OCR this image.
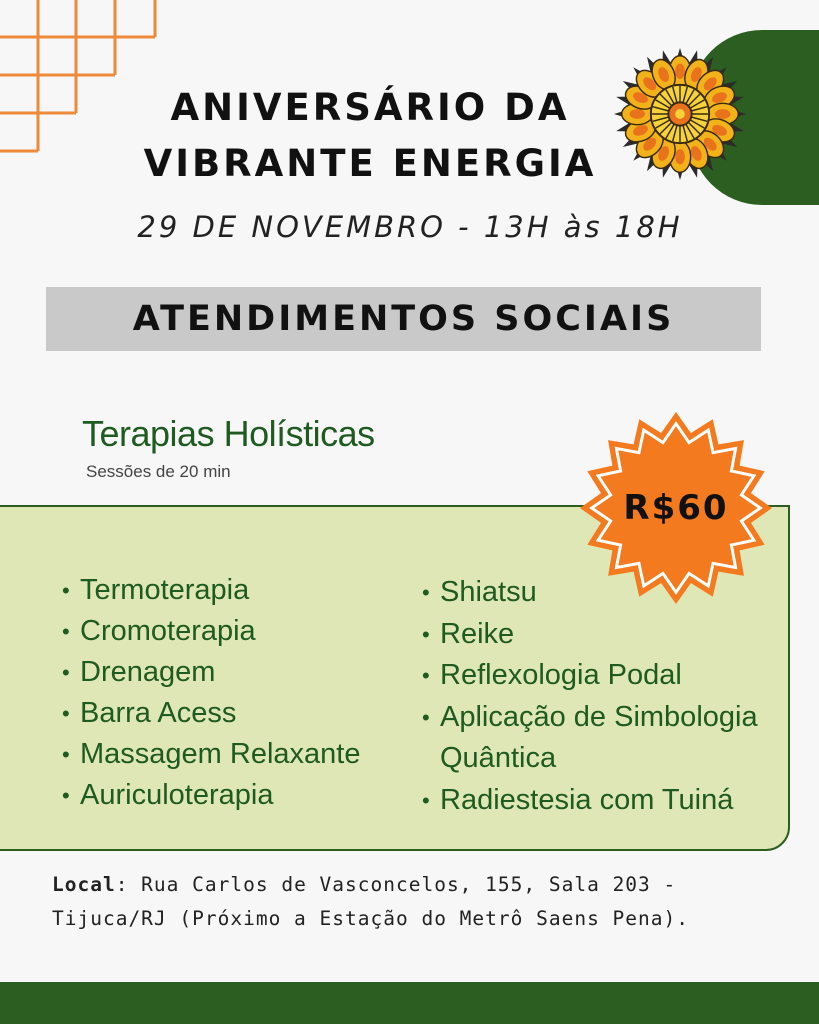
ANIVERSÁRIO DA
VIBRANTE ENERGIA
29 DE NOVEMBRO - 13H às 18H
ATENDIMENTOS SOCIAIS
Terapias Holísticas
Sessões de 20 min
• Termoterapia
• Cromoterapia
• Drenagem
• Barra Acess
• Massagem Relaxante
• Auriculoterapia
• Shiatsu
• Reike
• Reflexologia Podal
• Aplicação de Simbologia Quântica
• Radiestesia com Tuiná
R$60
Local: Rua Carlos de Vasconcelos, 155, Sala 203 - Tijuca/RJ (Próximo a Estação do Metrô Saens Pena).
